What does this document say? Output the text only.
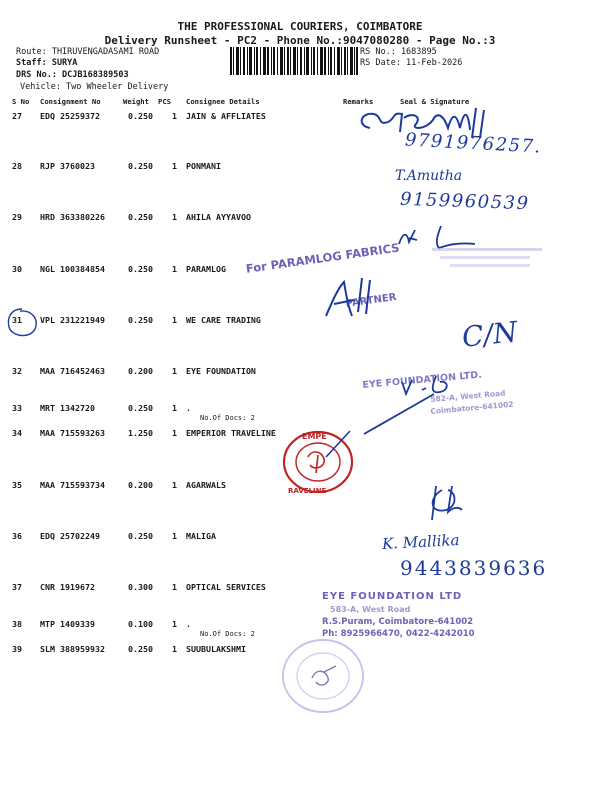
THE PROFESSIONAL COURIERS, COIMBATORE
Delivery Runsheet - PC2 - Phone No.:9047080280 - Page No.:3
Route: THIRUVENGADASAMI ROAD
Staff: SURYA
DRS No.: DCJB168389503
Vehicle: Two Wheeler Delivery
RS No.: 1683895
RS Date: 11-Feb-2026
S No Consignment No	Weight PCS Consignee Details	Remarks	Seal & Signature
27 EDQ 25259372	0.250 1 JAIN & AFFLIATES
28 RJP 3760023	0.250 1 PONMANI
29 HRD 363380226	0.250 1 AHILA AYYAVOO
30 NGL 100384854	0.250 1 PARAMLOG
31 VPL 231221949	0.250 1 WE CARE TRADING
32 MAA 716452463	0.200 1 EYE FOUNDATION
33 MRT 1342720	0.250 1 .
No.Of Docs: 2
34 MAA 715593263	1.250 1 EMPERIOR TRAVELINE
35 MAA 715593734	0.200 1 AGARWALS
36 EDQ 25702249	0.250 1 MALIGA
37 CNR 1919672	0.300 1 OPTICAL SERVICES
38 MTP 1409339	0.100 1 .
No.Of Docs: 2
39 SLM 388959932	0.250 1 SUUBULAKSHMI
9791976257.
T.Amutha
9159960539
For PARAMLOG FABRICS
PARTNER
C/N
EYE FOUNDATION LTD.
582-A, West Road
Coimbatore-641002
EMPE
RAVELINE
K. Mallika
9443839636
EYE FOUNDATION LTD
583-A, West Road
R.S.Puram, Coimbatore-641002
Ph: 8925966470, 0422-4242010
